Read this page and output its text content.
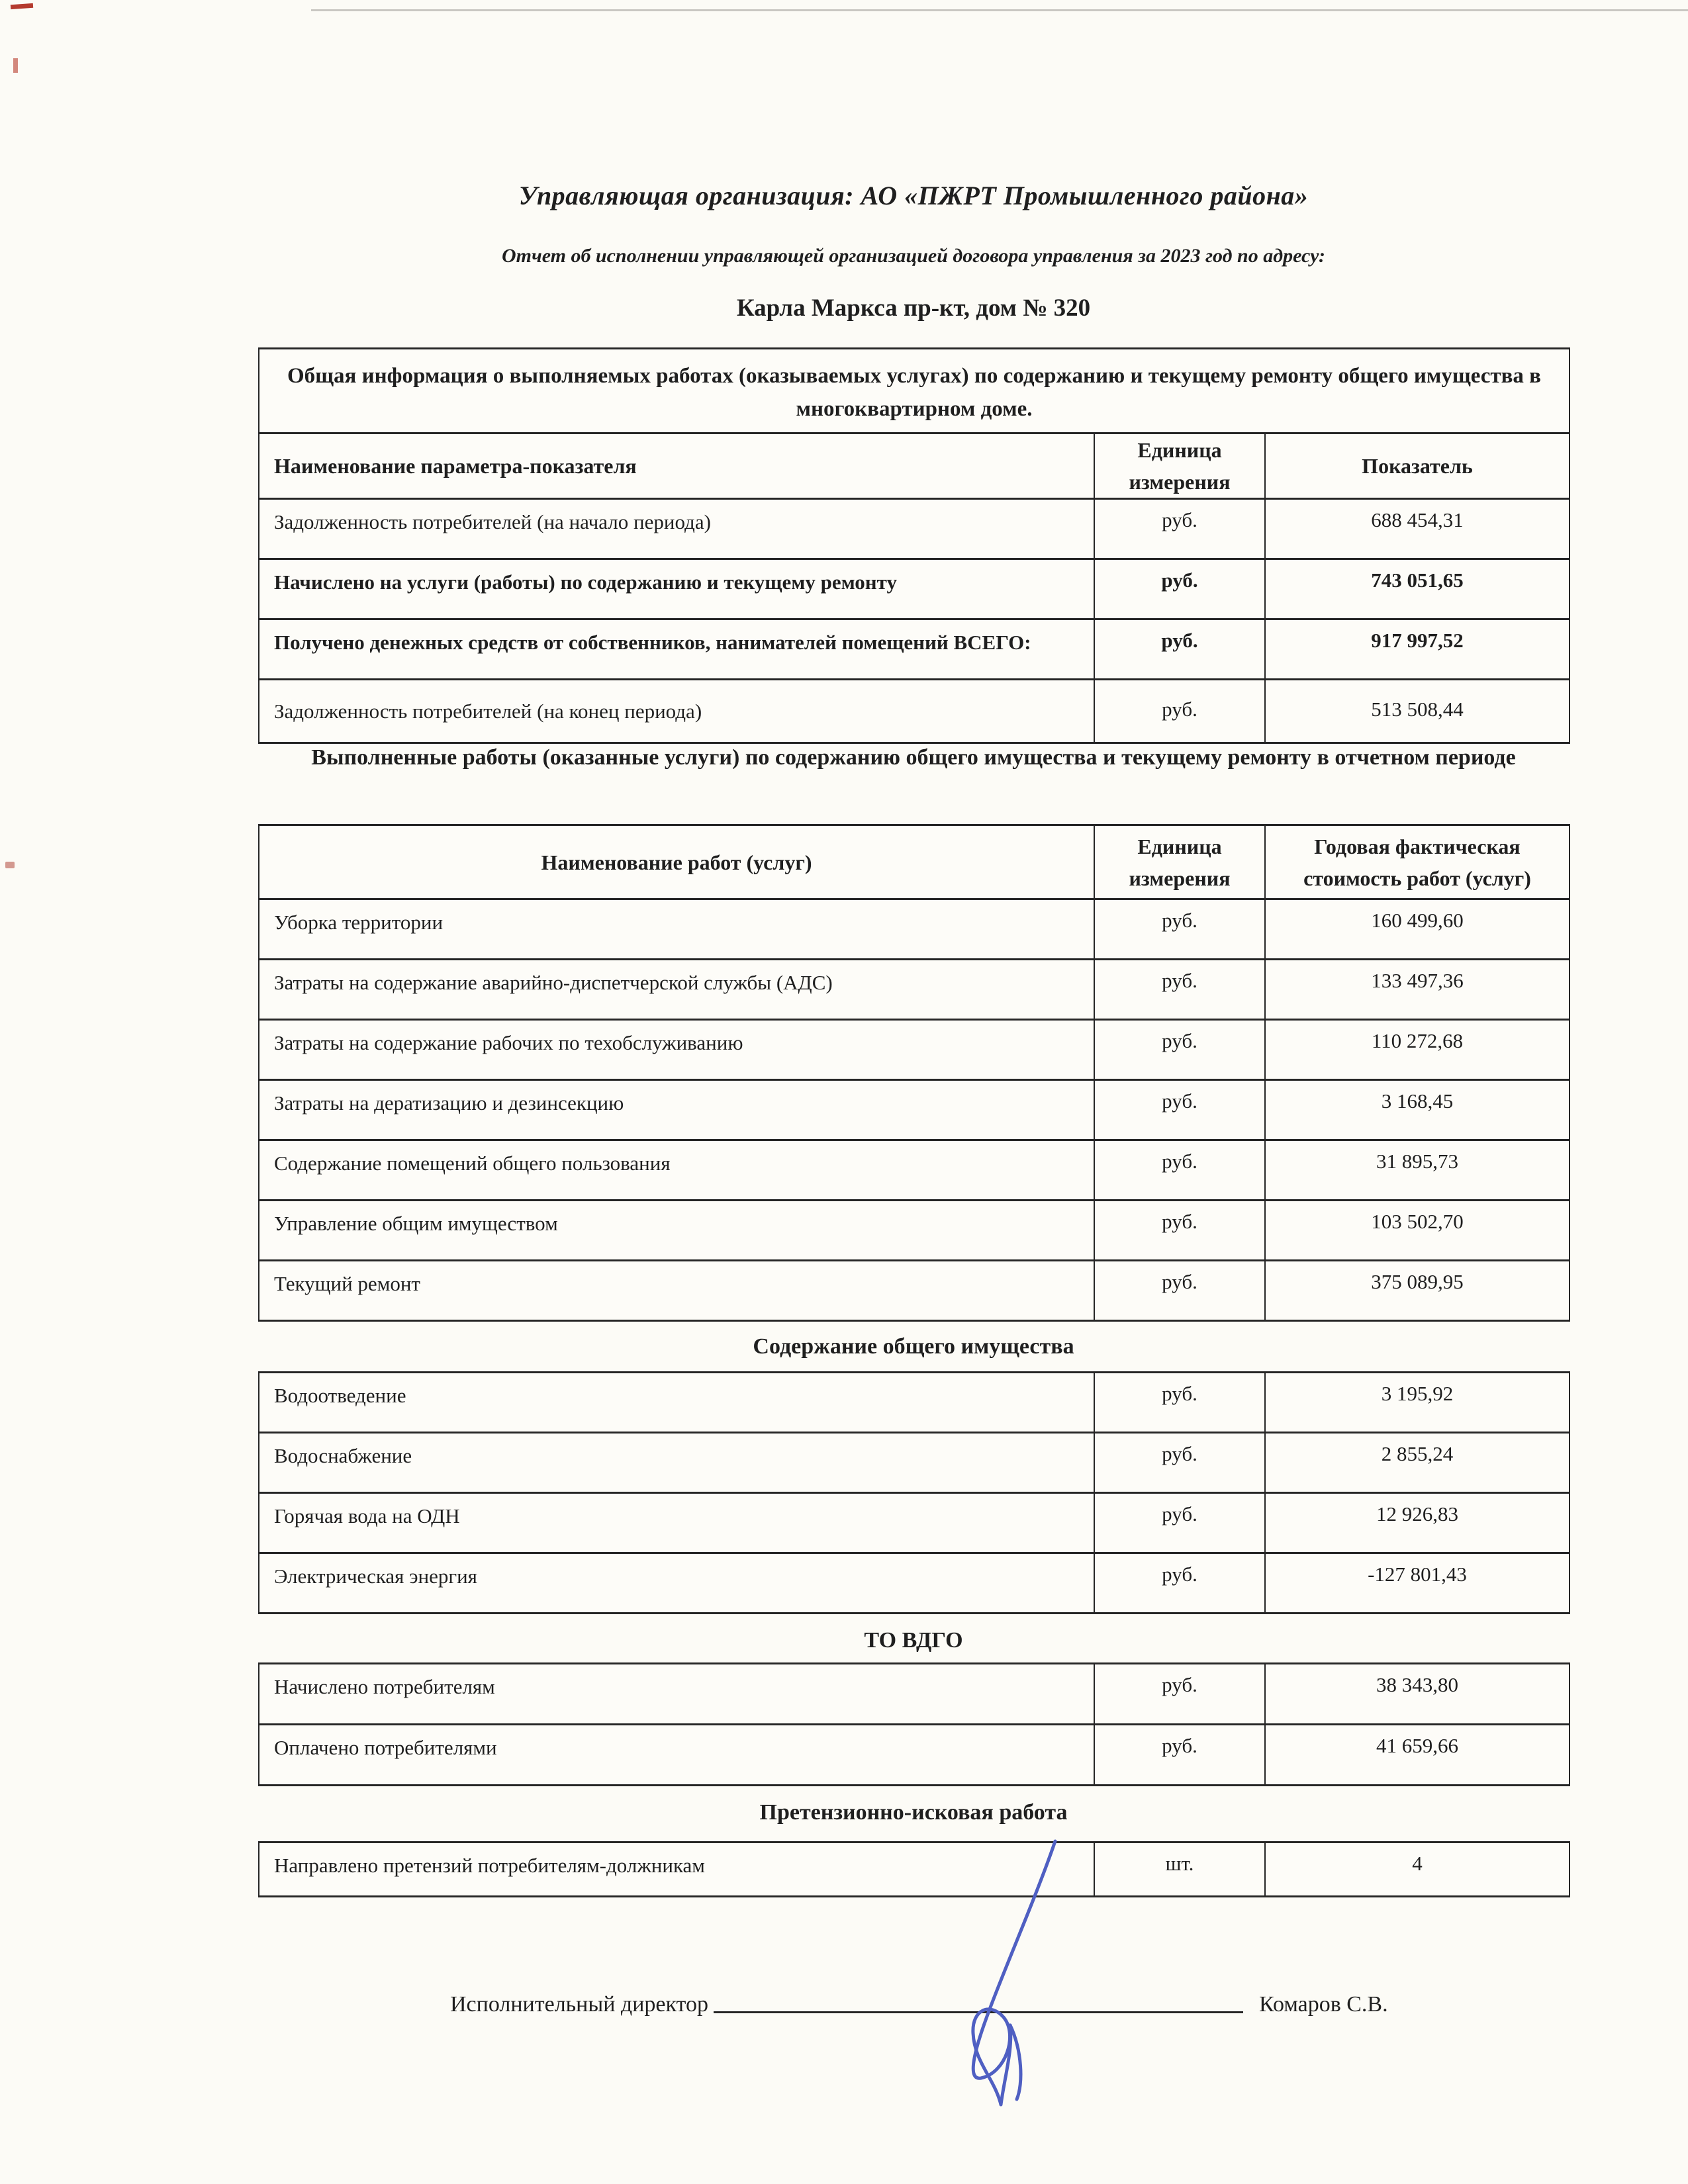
Управляющая организация: АО «ПЖРТ Промышленного района»
Отчет об исполнении управляющей организацией договора управления за 2023 год по адресу:
Карла Маркса пр-кт, дом № 320
Общая информация о выполняемых работах (оказываемых услугах) по содержанию и текущему ремонту общего имущества в многоквартирном доме.		
Наименование параметра-показателя	Единица измерения	Показатель
Задолженность потребителей (на начало периода)	руб.	688 454,31
Начислено на услуги (работы) по содержанию и текущему ремонту	руб.	743 051,65
Получено денежных средств от собственников, нанимателей помещений ВСЕГО:	руб.	917 997,52
Задолженность потребителей (на конец периода)	руб.	513 508,44
Выполненные работы (оказанные услуги) по содержанию общего имущества и текущему ремонту в отчетном периоде
Наименование работ (услуг)	Единица измерения	Годовая фактическая стоимость работ (услуг)
Уборка территории	руб.	160 499,60
Затраты на содержание аварийно-диспетчерской службы (АДС)	руб.	133 497,36
Затраты на содержание рабочих по техобслуживанию	руб.	110 272,68
Затраты на дератизацию и дезинсекцию	руб.	3 168,45
Содержание помещений общего пользования	руб.	31 895,73
Управление общим имуществом	руб.	103 502,70
Текущий ремонт	руб.	375 089,95
Содержание общего имущества
Водоотведение	руб.	3 195,92
Водоснабжение	руб.	2 855,24
Горячая вода на ОДН	руб.	12 926,83
Электрическая энергия	руб.	-127 801,43
ТО ВДГО
Начислено потребителям	руб.	38 343,80
Оплачено потребителями	руб.	41 659,66
Претензионно-исковая работа
Направлено претензий потребителям-должникам	шт.	4
Исполнительный директор	Комаров С.В.
